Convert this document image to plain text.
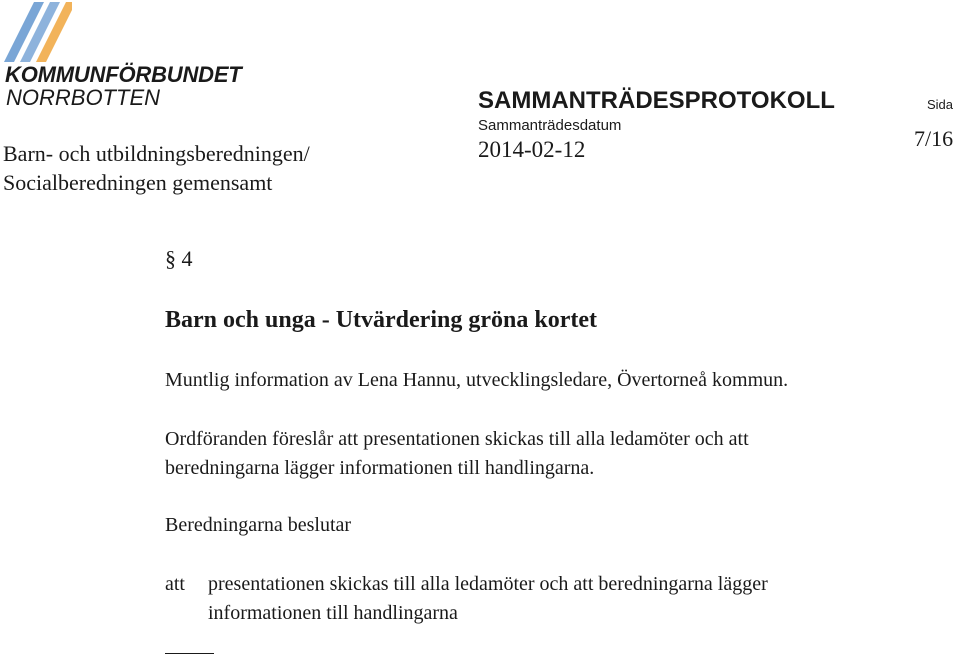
KOMMUNFÖRBUNDET
NORRBOTTEN
Barn- och utbildningsberedningen/
Socialberedningen gemensamt
SAMMANTRÄDESPROTOKOLL
Sammanträdesdatum
2014-02-12
Sida
7/16
§ 4
Barn och unga - Utvärdering gröna kortet
Muntlig information av Lena Hannu, utvecklingsledare, Övertorneå kommun.
Ordföranden föreslår att presentationen skickas till alla ledamöter och att
beredningarna lägger informationen till handlingarna.
Beredningarna beslutar
att	presentationen skickas till alla ledamöter och att beredningarna lägger
informationen till handlingarna
